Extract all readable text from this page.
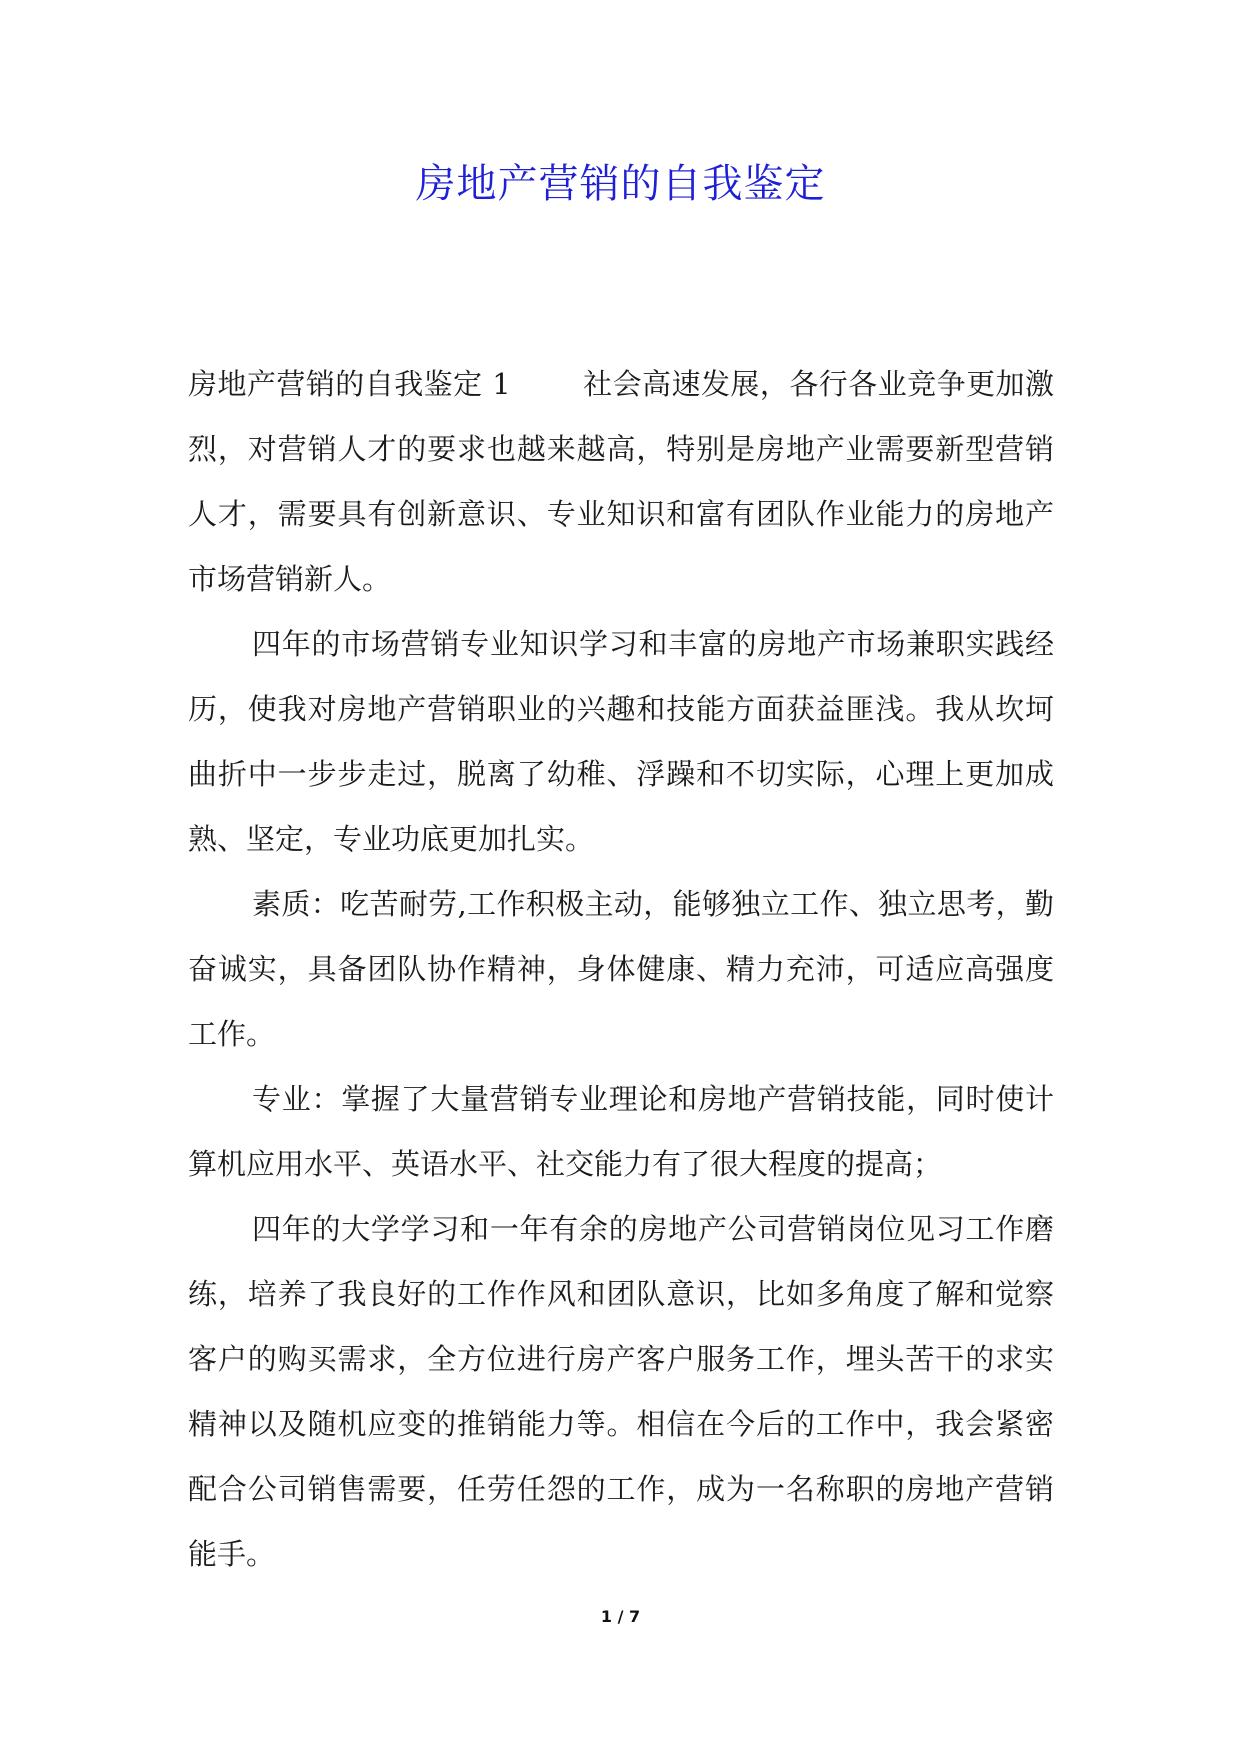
房地产营销的自我鉴定

房地产营销的自我鉴定 1 社会高速发展，各行各业竞争更加激烈，对营销人才的要求也越来越高，特别是房地产业需要新型营销人才，需要具有创新意识、专业知识和富有团队作业能力的房地产市场营销新人。

四年的市场营销专业知识学习和丰富的房地产市场兼职实践经历，使我对房地产营销职业的兴趣和技能方面获益匪浅。我从坎坷曲折中一步步走过，脱离了幼稚、浮躁和不切实际，心理上更加成熟、坚定，专业功底更加扎实。

素质：吃苦耐劳,工作积极主动，能够独立工作、独立思考，勤奋诚实，具备团队协作精神，身体健康、精力充沛，可适应高强度工作。

专业：掌握了大量营销专业理论和房地产营销技能，同时使计算机应用水平、英语水平、社交能力有了很大程度的提高；

四年的大学学习和一年有余的房地产公司营销岗位见习工作磨练，培养了我良好的工作作风和团队意识，比如多角度了解和觉察客户的购买需求，全方位进行房产客户服务工作，埋头苦干的求实精神以及随机应变的推销能力等。相信在今后的工作中，我会紧密配合公司销售需要，任劳任怨的工作，成为一名称职的房地产营销能手。

1 / 7
